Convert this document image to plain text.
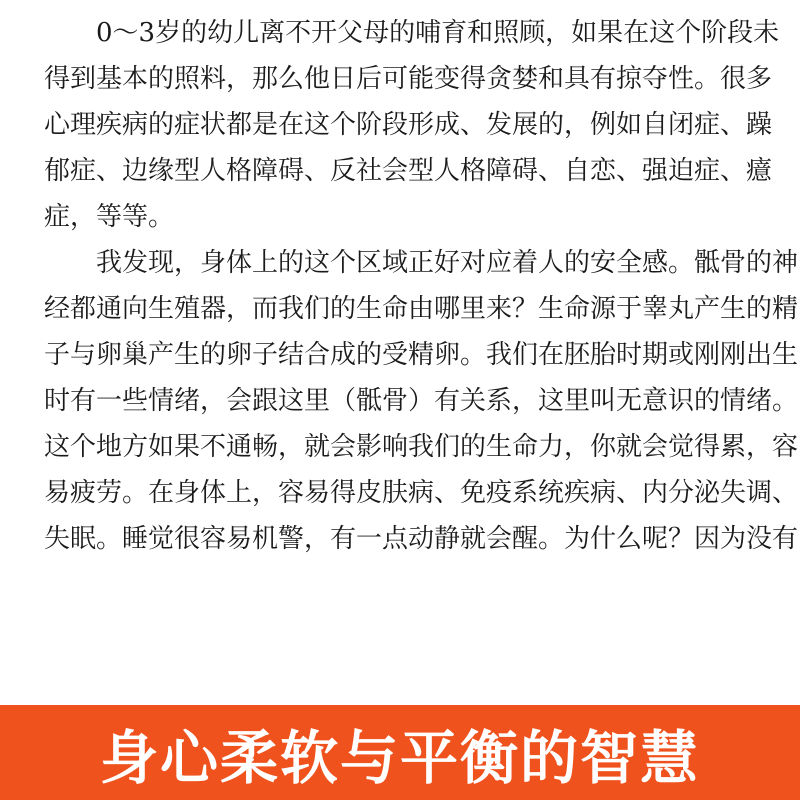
0～3岁的幼儿离不开父母的哺育和照顾，如果在这个阶段未
得到基本的照料，那么他日后可能变得贪婪和具有掠夺性。很多
心理疾病的症状都是在这个阶段形成、发展的，例如自闭症、躁
郁症、边缘型人格障碍、反社会型人格障碍、自恋、强迫症、癔
症，等等。
我发现，身体上的这个区域正好对应着人的安全感。骶骨的神
经都通向生殖器，而我们的生命由哪里来？生命源于睾丸产生的精
子与卵巢产生的卵子结合成的受精卵。我们在胚胎时期或刚刚出生
时有一些情绪，会跟这里（骶骨）有关系，这里叫无意识的情绪。
这个地方如果不通畅，就会影响我们的生命力，你就会觉得累，容
易疲劳。在身体上，容易得皮肤病、免疫系统疾病、内分泌失调、
失眠。睡觉很容易机警，有一点动静就会醒。为什么呢？因为没有
身心柔软与平衡的智慧
